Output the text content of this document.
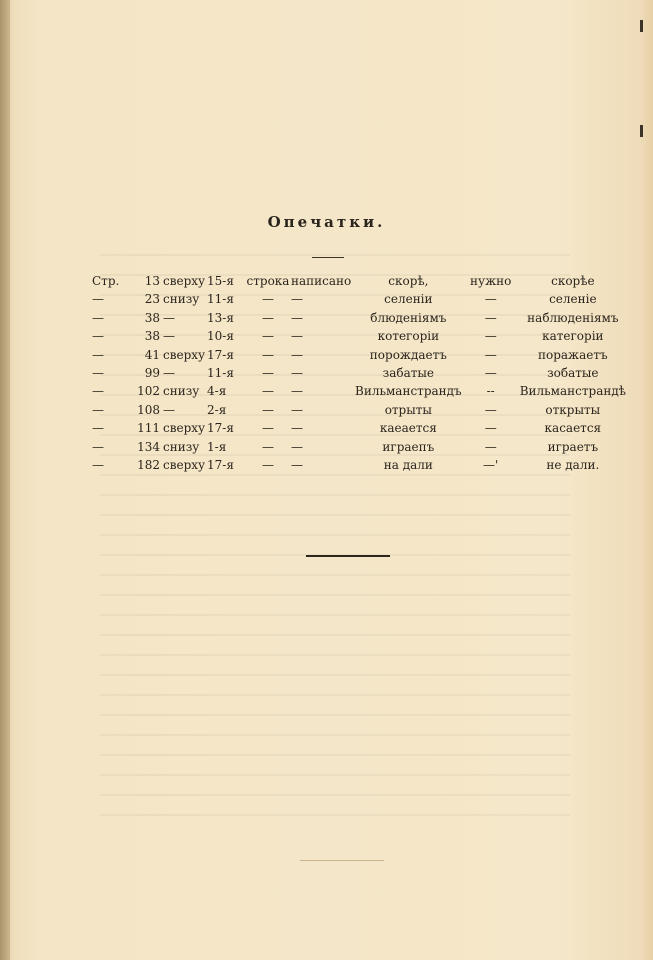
Опечатки.
Стр.	13	сверху	15-я	строка	написано	скорѣ,	нужно	скорѣе
—	23	снизу	11-я	—	—	селеніи	—	селеніе
—	38	—	13-я	—	—	блюденіямъ	—	наблюденіямъ
—	38	—	10-я	—	—	котегоріи	—	категоріи
—	41	сверху	17-я	—	—	порождаетъ	—	поражаетъ
—	99	—	11-я	—	—	забатые	—	зобатые
—	102	снизу	4-я	—	—	Вильманстрандъ	--	Вильманстрандѣ
—	108	—	2-я	—	—	отрыты	—	открыты
—	111	сверху	17-я	—	—	каеается	—	касается
—	134	снизу	1-я	—	—	играепъ	—	играетъ
—	182	сверху	17-я	—	—	на дали	—'	не дали.
